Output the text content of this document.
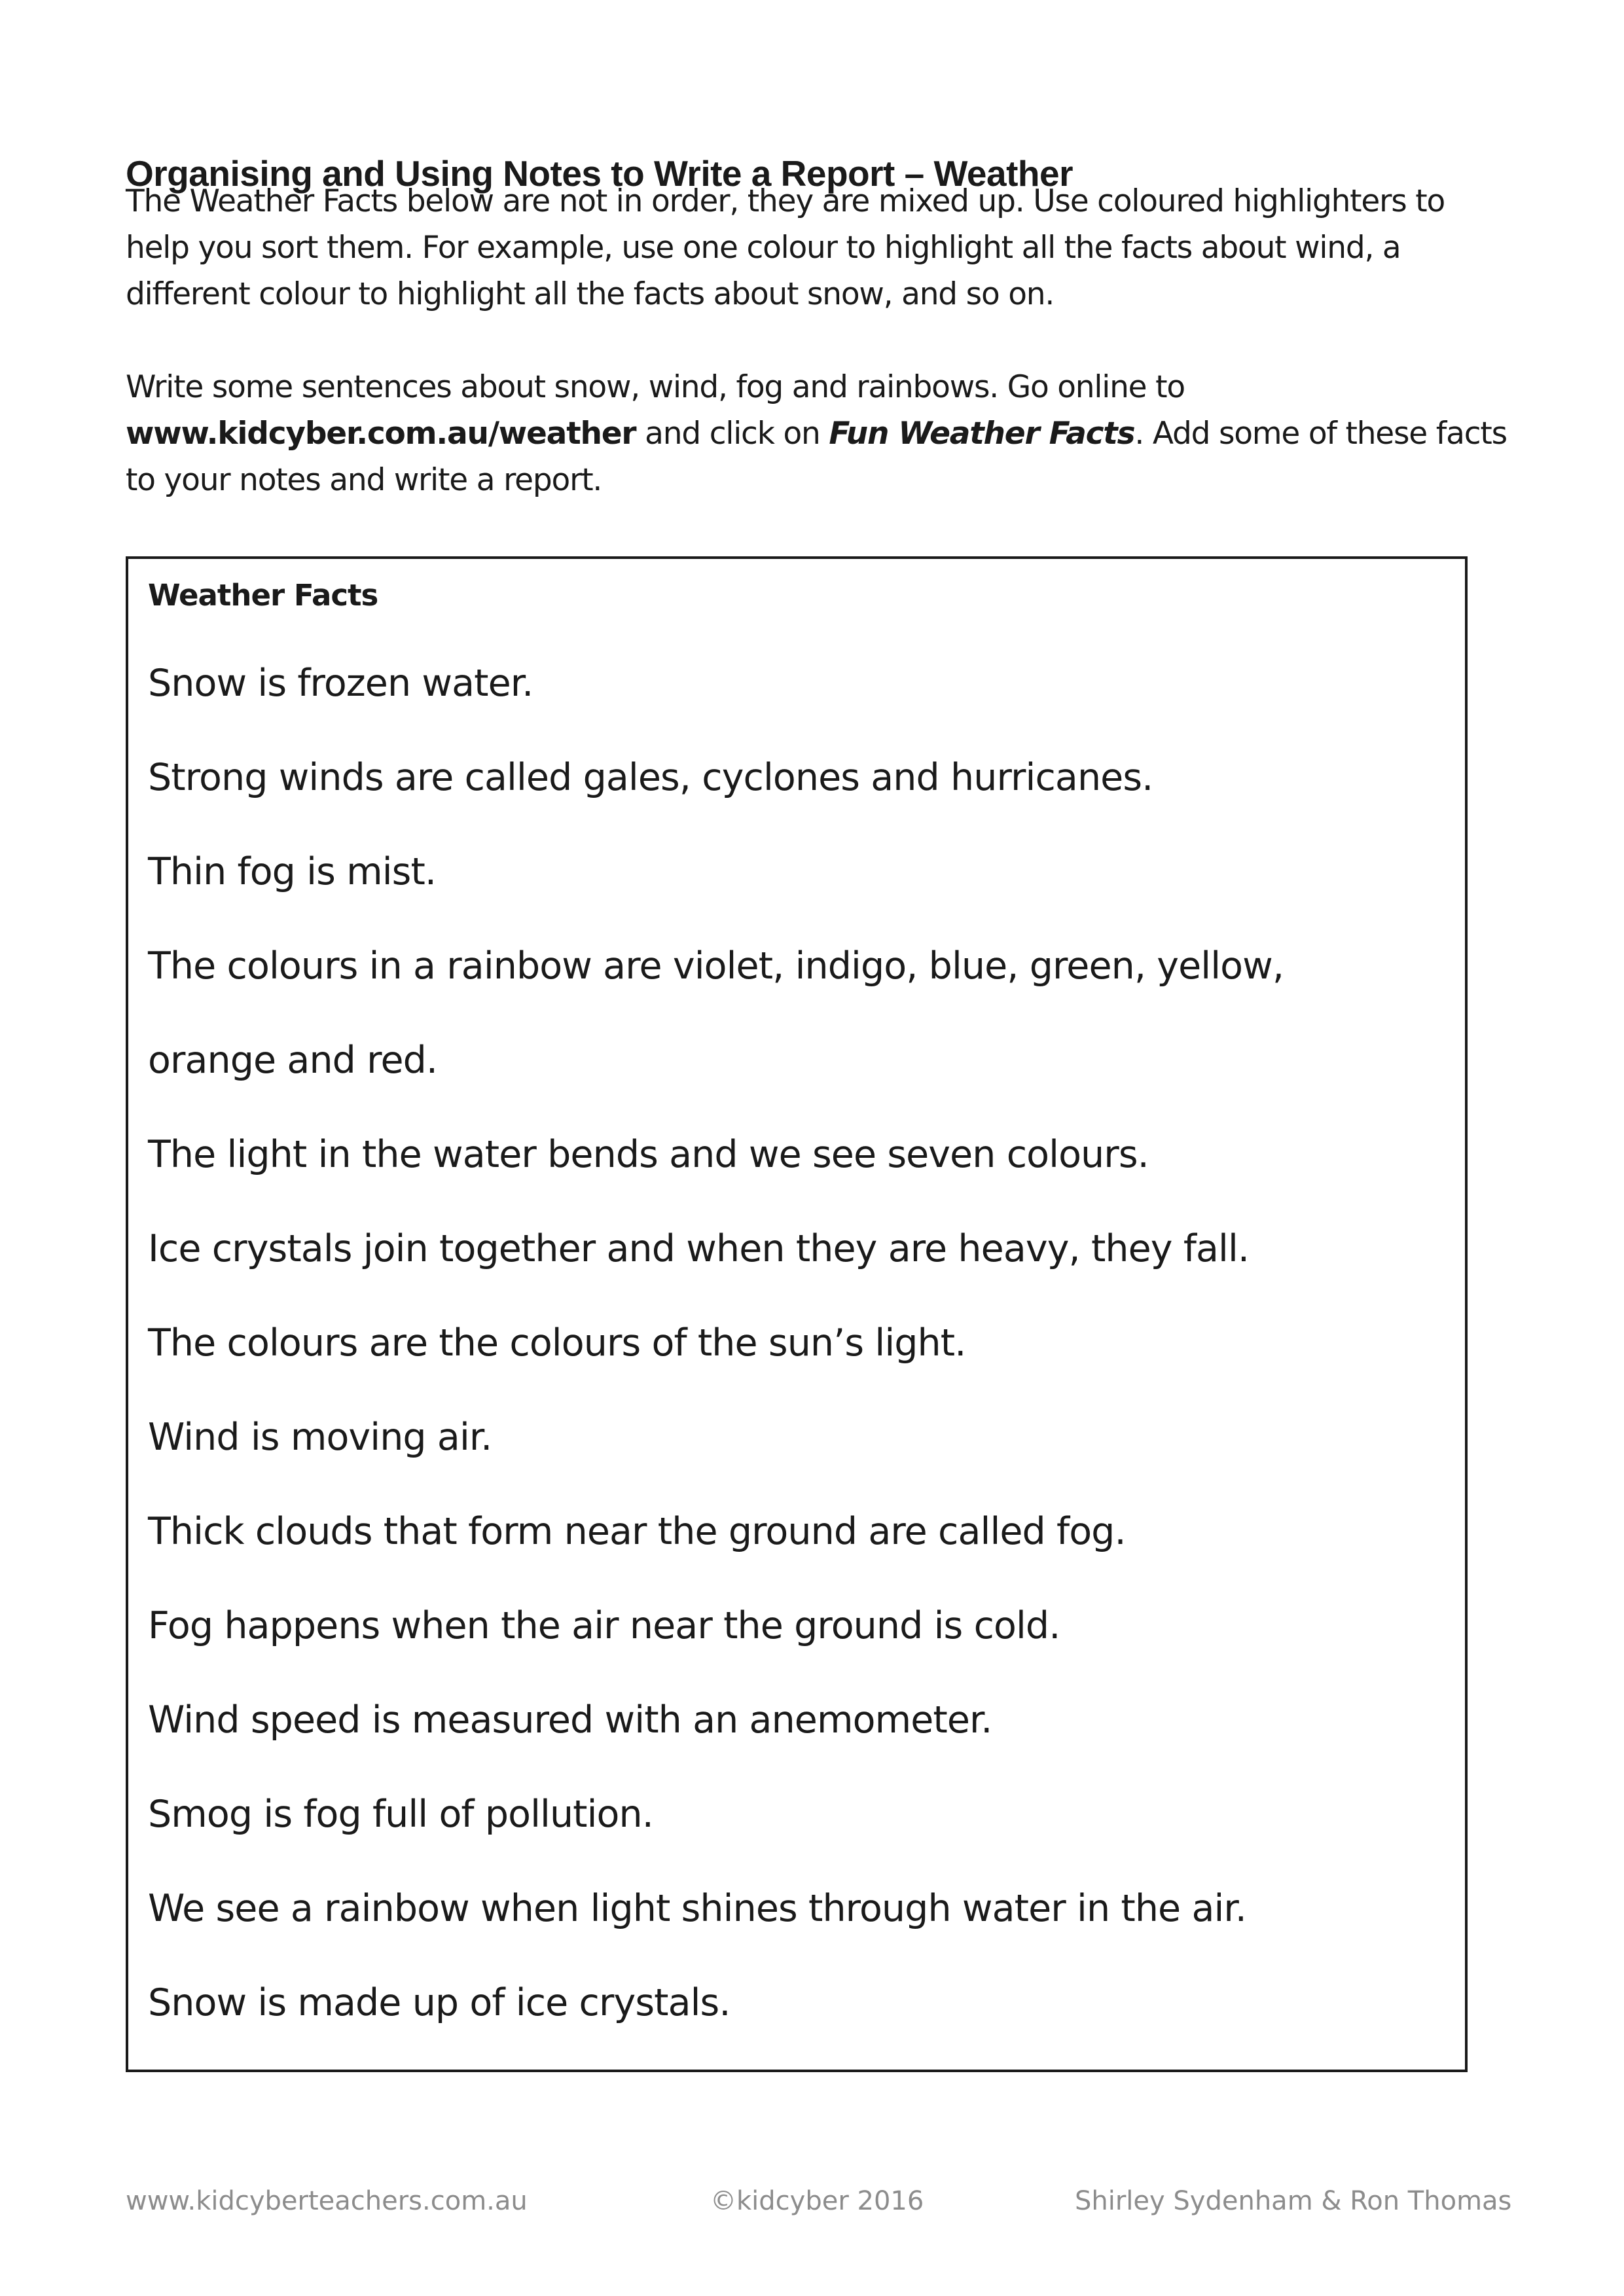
Organising and Using Notes to Write a Report – Weather

The Weather Facts below are not in order, they are mixed up. Use coloured highlighters to help you sort them. For example, use one colour to highlight all the facts about wind, a different colour to highlight all the facts about snow, and so on.

Write some sentences about snow, wind, fog and rainbows. Go online to www.kidcyber.com.au/weather and click on Fun Weather Facts. Add some of these facts to your notes and write a report.

Weather Facts
Snow is frozen water.
Strong winds are called gales, cyclones and hurricanes.
Thin fog is mist.
The colours in a rainbow are violet, indigo, blue, green, yellow,
orange and red.
The light in the water bends and we see seven colours.
Ice crystals join together and when they are heavy, they fall.
The colours are the colours of the sun’s light.
Wind is moving air.
Thick clouds that form near the ground are called fog.
Fog happens when the air near the ground is cold.
Wind speed is measured with an anemometer.
Smog is fog full of pollution.
We see a rainbow when light shines through water in the air.
Snow is made up of ice crystals.
www.kidcyberteachers.com.au	©kidcyber 2016	Shirley Sydenham & Ron Thomas
